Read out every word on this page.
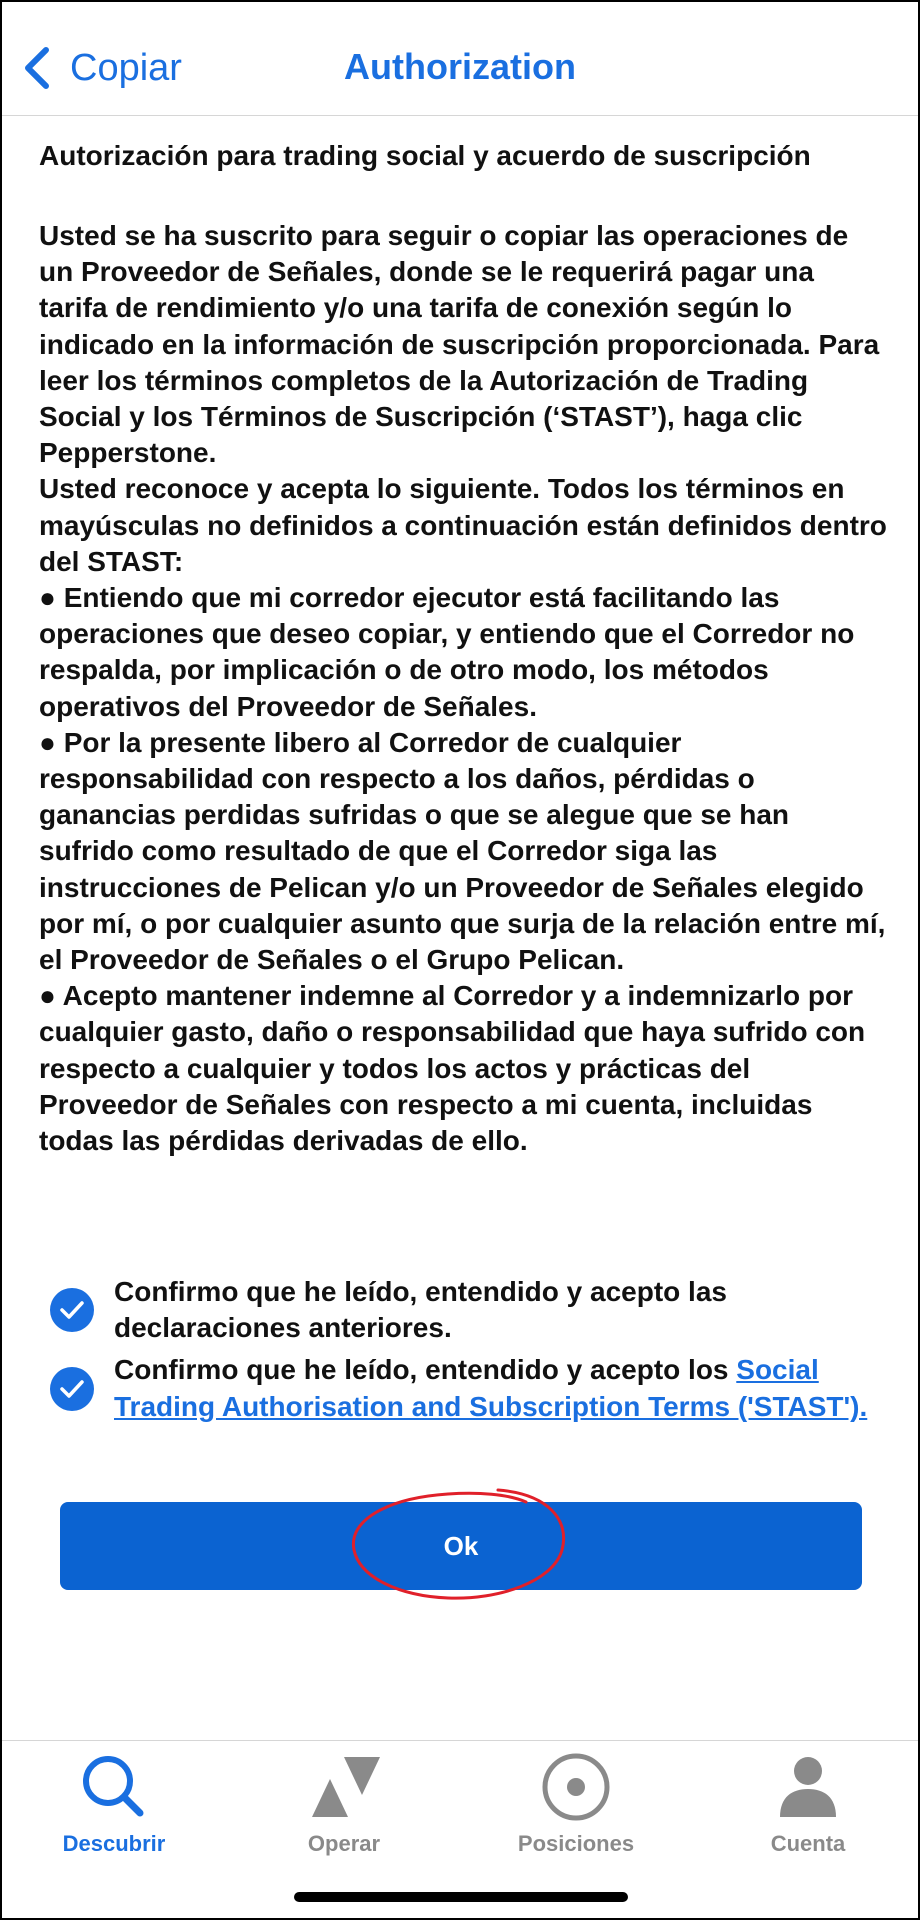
Copiar	Authorization
Autorización para trading social y acuerdo de suscripción

Usted se ha suscrito para seguir o copiar las operaciones de un Proveedor de Señales, donde se le requerirá pagar una tarifa de rendimiento y/o una tarifa de conexión según lo indicado en la información de suscripción proporcionada. Para leer los términos completos de la Autorización de Trading Social y los Términos de Suscripción (‘STAST’), haga clic Pepperstone.

Usted reconoce y acepta lo siguiente. Todos los términos en mayúsculas no definidos a continuación están definidos dentro del STAST:

● Entiendo que mi corredor ejecutor está facilitando las operaciones que deseo copiar, y entiendo que el Corredor no respalda, por implicación o de otro modo, los métodos operativos del Proveedor de Señales.

● Por la presente libero al Corredor de cualquier responsabilidad con respecto a los daños, pérdidas o ganancias perdidas sufridas o que se alegue que se han sufrido como resultado de que el Corredor siga las instrucciones de Pelican y/o un Proveedor de Señales elegido por mí, o por cualquier asunto que surja de la relación entre mí, el Proveedor de Señales o el Grupo Pelican.

● Acepto mantener indemne al Corredor y a indemnizarlo por cualquier gasto, daño o responsabilidad que haya sufrido con respecto a cualquier y todos los actos y prácticas del Proveedor de Señales con respecto a mi cuenta, incluidas todas las pérdidas derivadas de ello.

Confirmo que he leído, entendido y acepto las declaraciones anteriores.
Confirmo que he leído, entendido y acepto los Social Trading Authorisation and Subscription Terms ('STAST').
Ok
Descubrir	Operar	Posiciones	Cuenta
